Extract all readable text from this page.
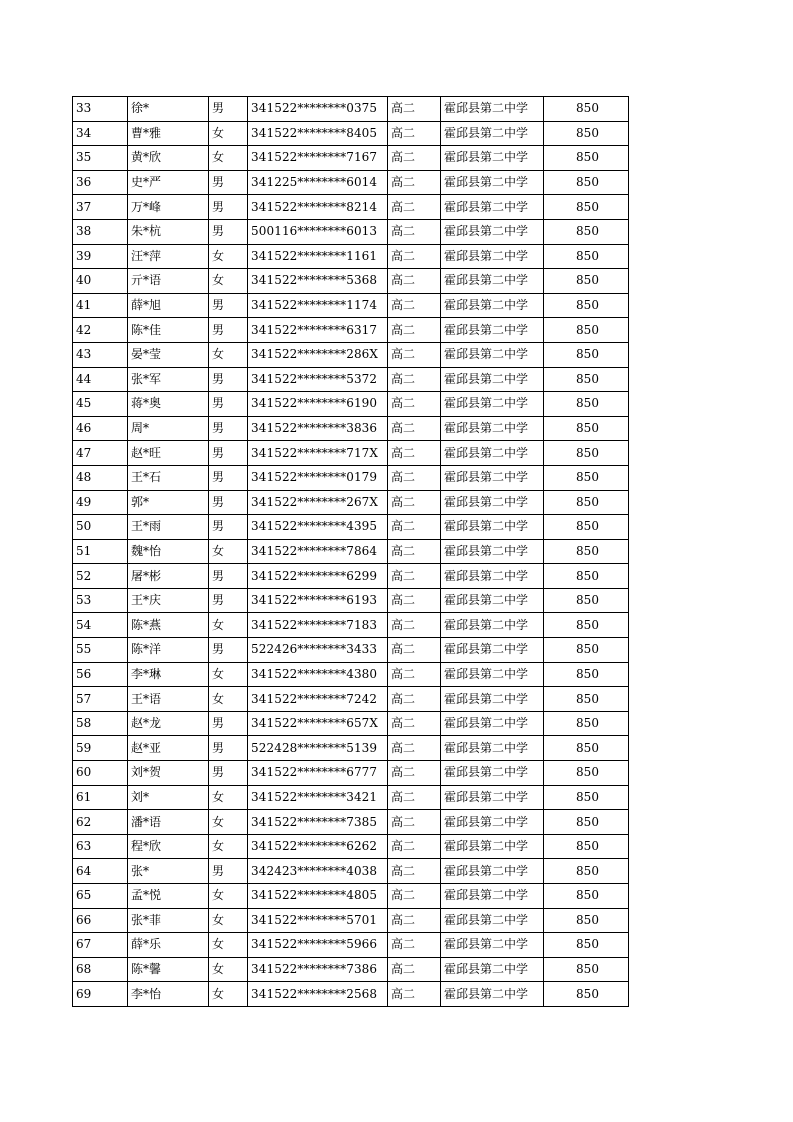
33	徐*	男	341522********0375	高二	霍邱县第二中学	850
34	曹*雅	女	341522********8405	高二	霍邱县第二中学	850
35	黄*欣	女	341522********7167	高二	霍邱县第二中学	850
36	史*严	男	341225********6014	高二	霍邱县第二中学	850
37	万*峰	男	341522********8214	高二	霍邱县第二中学	850
38	朱*杭	男	500116********6013	高二	霍邱县第二中学	850
39	汪*萍	女	341522********1161	高二	霍邱县第二中学	850
40	亓*语	女	341522********5368	高二	霍邱县第二中学	850
41	薛*旭	男	341522********1174	高二	霍邱县第二中学	850
42	陈*佳	男	341522********6317	高二	霍邱县第二中学	850
43	晏*莹	女	341522********286X	高二	霍邱县第二中学	850
44	张*军	男	341522********5372	高二	霍邱县第二中学	850
45	蒋*奥	男	341522********6190	高二	霍邱县第二中学	850
46	周*	男	341522********3836	高二	霍邱县第二中学	850
47	赵*旺	男	341522********717X	高二	霍邱县第二中学	850
48	王*石	男	341522********0179	高二	霍邱县第二中学	850
49	郭*	男	341522********267X	高二	霍邱县第二中学	850
50	王*雨	男	341522********4395	高二	霍邱县第二中学	850
51	魏*怡	女	341522********7864	高二	霍邱县第二中学	850
52	屠*彬	男	341522********6299	高二	霍邱县第二中学	850
53	王*庆	男	341522********6193	高二	霍邱县第二中学	850
54	陈*燕	女	341522********7183	高二	霍邱县第二中学	850
55	陈*洋	男	522426********3433	高二	霍邱县第二中学	850
56	李*琳	女	341522********4380	高二	霍邱县第二中学	850
57	王*语	女	341522********7242	高二	霍邱县第二中学	850
58	赵*龙	男	341522********657X	高二	霍邱县第二中学	850
59	赵*亚	男	522428********5139	高二	霍邱县第二中学	850
60	刘*贺	男	341522********6777	高二	霍邱县第二中学	850
61	刘*	女	341522********3421	高二	霍邱县第二中学	850
62	潘*语	女	341522********7385	高二	霍邱县第二中学	850
63	程*欣	女	341522********6262	高二	霍邱县第二中学	850
64	张*	男	342423********4038	高二	霍邱县第二中学	850
65	孟*悦	女	341522********4805	高二	霍邱县第二中学	850
66	张*菲	女	341522********5701	高二	霍邱县第二中学	850
67	薛*乐	女	341522********5966	高二	霍邱县第二中学	850
68	陈*馨	女	341522********7386	高二	霍邱县第二中学	850
69	李*怡	女	341522********2568	高二	霍邱县第二中学	850
